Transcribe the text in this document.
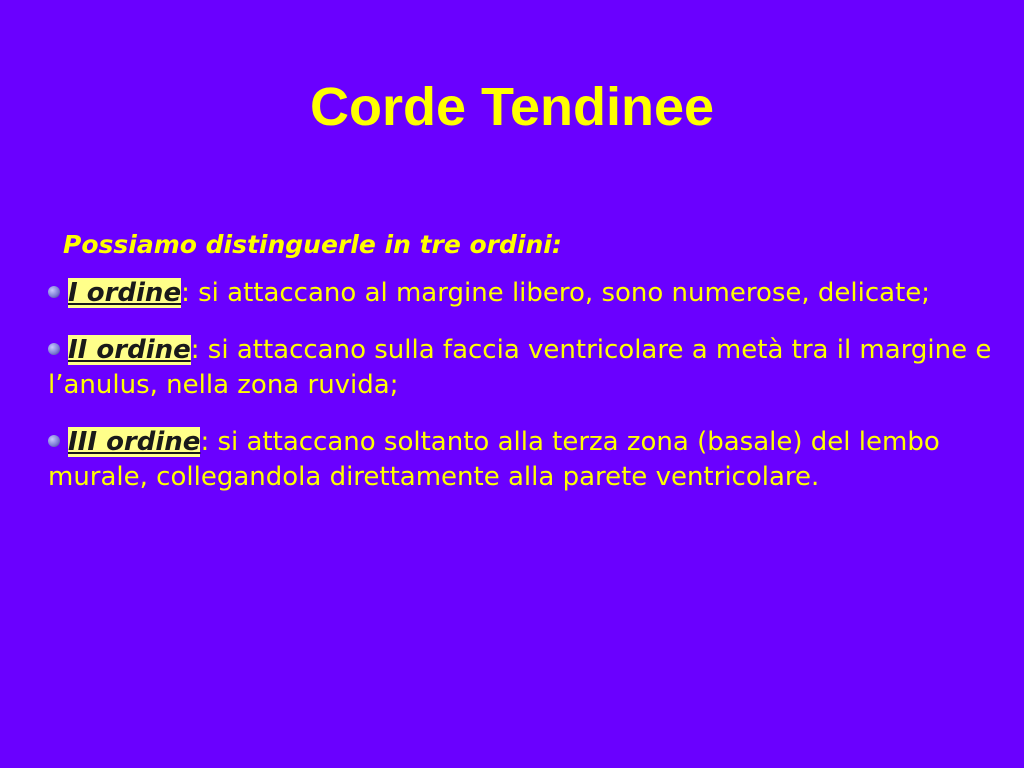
Corde Tendinee
Possiamo distinguerle in tre ordini:
I ordine: si attaccano al margine libero, sono numerose, delicate;
II ordine: si attaccano sulla faccia ventricolare a metà tra il margine e l’anulus, nella zona ruvida;
III ordine: si attaccano soltanto alla terza zona (basale) del lembo murale, collegandola direttamente alla parete ventricolare.
